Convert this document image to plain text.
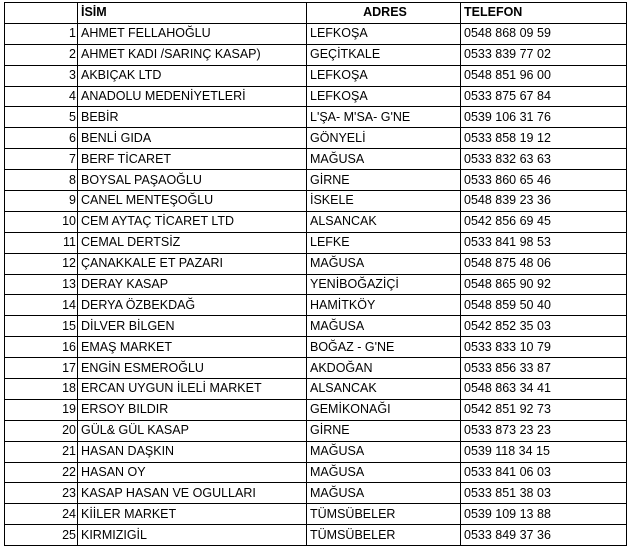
	İSİM	ADRES	TELEFON
1	AHMET FELLAHOĞLU	LEFKOŞA	0548 868 09 59
2	AHMET KADI /SARINÇ KASAP)	GEÇİTKALE	0533 839 77 02
3	AKBIÇAK LTD	LEFKOŞA	0548 851 96 00
4	ANADOLU MEDENİYETLERİ	LEFKOŞA	0533 875 67 84
5	BEBİR	L'ŞA- M'SA- G'NE	0539 106 31 76
6	BENLİ GIDA	GÖNYELİ	0533 858 19 12
7	BERF TİCARET	MAĞUSA	0533 832 63 63
8	BOYSAL PAŞAOĞLU	GİRNE	0533 860 65 46
9	CANEL MENTEŞOĞLU	İSKELE	0548 839 23 36
10	CEM AYTAÇ TİCARET LTD	ALSANCAK	0542 856 69 45
11	CEMAL DERTSİZ	LEFKE	0533 841 98 53
12	ÇANAKKALE ET PAZARI	MAĞUSA	0548 875 48 06
13	DERAY KASAP	YENİBOĞAZİÇİ	0548 865 90 92
14	DERYA ÖZBEKDAĞ	HAMİTKÖY	0548 859 50 40
15	DİLVER BİLGEN	MAĞUSA	0542 852 35 03
16	EMAŞ MARKET	BOĞAZ - G'NE	0533 833 10 79
17	ENGİN ESMEROĞLU	AKDOĞAN	0533 856 33 87
18	ERCAN UYGUN İLELİ MARKET	ALSANCAK	0548 863 34 41
19	ERSOY BILDIR	GEMİKONAĞI	0542 851 92 73
20	GÜL& GÜL KASAP	GİRNE	0533 873 23 23
21	HASAN DAŞKIN	MAĞUSA	0539 118 34 15
22	HASAN OY	MAĞUSA	0533 841 06 03
23	KASAP HASAN VE OGULLARI	MAĞUSA	0533 851 38 03
24	KİİLER MARKET	TÜMSÜBELER	0539 109 13 88
25	KIRMIZIGİL	TÜMSÜBELER	0533 849 37 36
